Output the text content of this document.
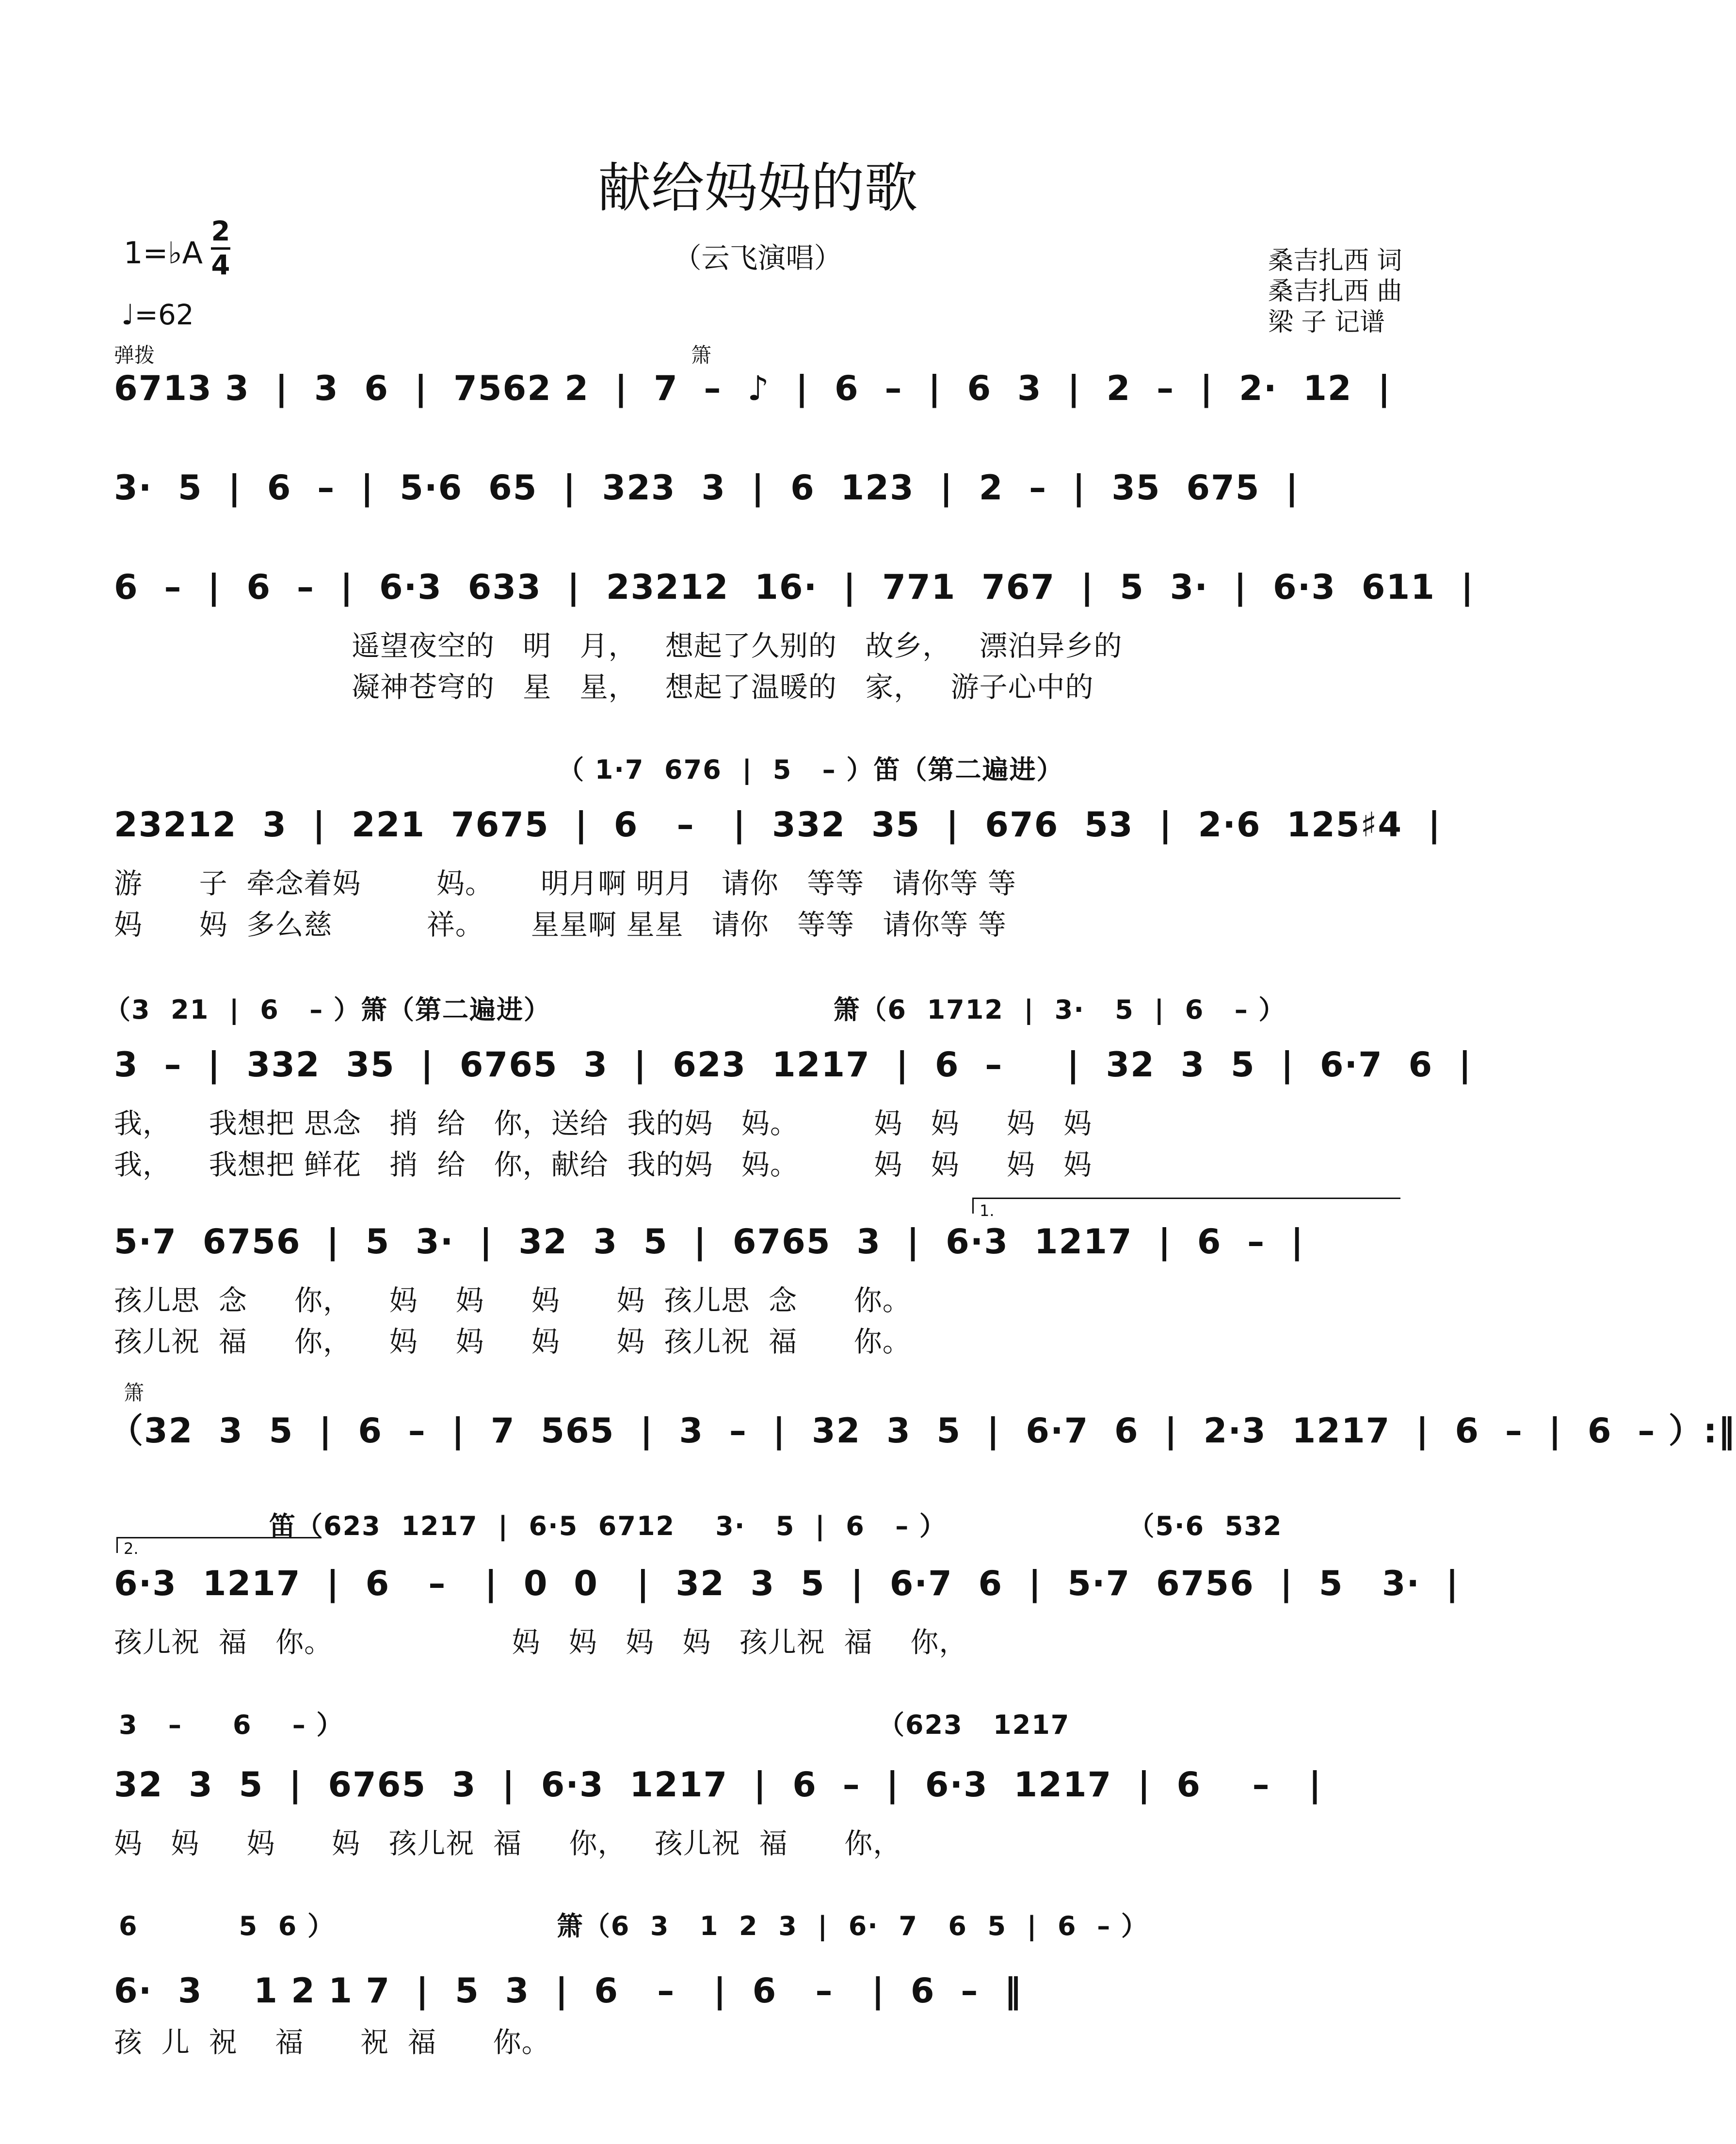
献给妈妈的歌
1=♭A
2
4
♩=62
（云飞演唱）	桑吉扎西 词
桑吉扎西 曲
梁 子 记谱
弹拨	箫
6713 3  |  3  6  |  7562 2  |  7  –  ♪  |  6  –  |  6  3  |  2  –  |  2·  12  |
3·  5  |  6  –  |  5·6  65  |  323  3  |  6  123  |  2  –  |  35  675  |
6  –  |  6  –  |  6·3  633  |  23212  16·  |  771  767  |  5  3·  |  6·3  611  |
遥望夜空的   明   月，   想起了久别的   故乡，   漂泊异乡的
凝神苍穹的   星   星，   想起了温暖的   家，   游子心中的
（ 1·7  676  |  5   – ）笛（第二遍进）
23212  3  |  221  7675  |  6   –   |  332  35  |  676  53  |  2·6  125♯4  |
游      子  牵念着妈        妈。     明月啊 明月   请你   等等   请你等 等
妈      妈  多么慈          祥。     星星啊 星星   请你   等等   请你等 等
（3  21  |  6   – ）箫（第二遍进）                            箫（6  1712  |  3·   5  |  6   – ）
3  –  |  332  35  |  6765  3  |  623  1217  |  6  –     |  32  3  5  |  6·7  6  |
我，    我想把 思念   捎  给   你，送给  我的妈   妈。        妈   妈     妈   妈
我，    我想把 鲜花   捎  给   你，献给  我的妈   妈。        妈   妈     妈   妈
1.
5·7  6756  |  5  3·  |  32  3  5  |  6765  3  |  6·3  1217  |  6  –  |
孩儿思  念     你，    妈    妈     妈      妈  孩儿思  念      你。
孩儿祝  福     你，    妈    妈     妈      妈  孩儿祝  福      你。
箫
（32  3  5  |  6  –  |  7  565  |  3  –  |  32  3  5  |  6·7  6  |  2·3  1217  |  6  –  |  6  – ）:‖
笛（623  1217  |  6·5  6712    3·   5  |  6   – ）                  （5·6  532
2.
6·3  1217  |  6   –   |  0  0   |  32  3  5  |  6·7  6  |  5·7  6756  |  5   3·  |
孩儿祝  福   你。                   妈   妈   妈   妈   孩儿祝  福    你，
3   –     6    – ）                                                     （623   1217
32  3  5  |  6765  3  |  6·3  1217  |  6  –  |  6·3  1217  |  6    –   |
妈   妈     妈      妈   孩儿祝  福     你，   孩儿祝  福      你，
6          5  6 ）                      箫（6  3   1  2  3  |  6·  7   6  5  |  6  – ）
6·  3    1 2 1 7  |  5  3  |  6   –   |  6   –   |  6  –  ‖
孩  儿  祝    福      祝  福      你。
